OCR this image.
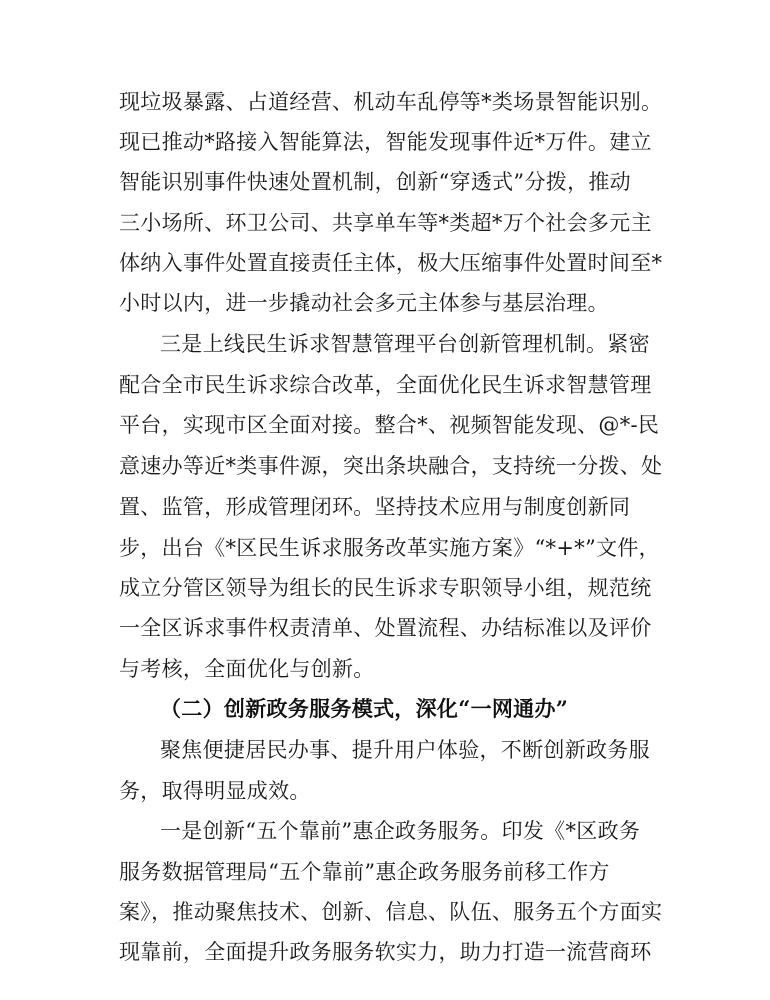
现垃圾暴露、占道经营、机动车乱停等*类场景智能识别。
现已推动*路接入智能算法，智能发现事件近*万件。建立
智能识别事件快速处置机制，创新“穿透式”分拨，推动
三小场所、环卫公司、共享单车等*类超*万个社会多元主
体纳入事件处置直接责任主体，极大压缩事件处置时间至*
小时以内，进一步撬动社会多元主体参与基层治理。
三是上线民生诉求智慧管理平台创新管理机制。紧密
配合全市民生诉求综合改革，全面优化民生诉求智慧管理
平台，实现市区全面对接。整合*、视频智能发现、@*-民
意速办等近*类事件源，突出条块融合，支持统一分拨、处
置、监管，形成管理闭环。坚持技术应用与制度创新同
步，出台《*区民生诉求服务改革实施方案》“*+*”文件，
成立分管区领导为组长的民生诉求专职领导小组，规范统
一全区诉求事件权责清单、处置流程、办结标准以及评价
与考核，全面优化与创新。
（二）创新政务服务模式，深化“一网通办”
聚焦便捷居民办事、提升用户体验，不断创新政务服
务，取得明显成效。
一是创新“五个靠前”惠企政务服务。印发《*区政务
服务数据管理局“五个靠前”惠企政务服务前移工作方
案》，推动聚焦技术、创新、信息、队伍、服务五个方面实
现靠前，全面提升政务服务软实力，助力打造一流营商环
